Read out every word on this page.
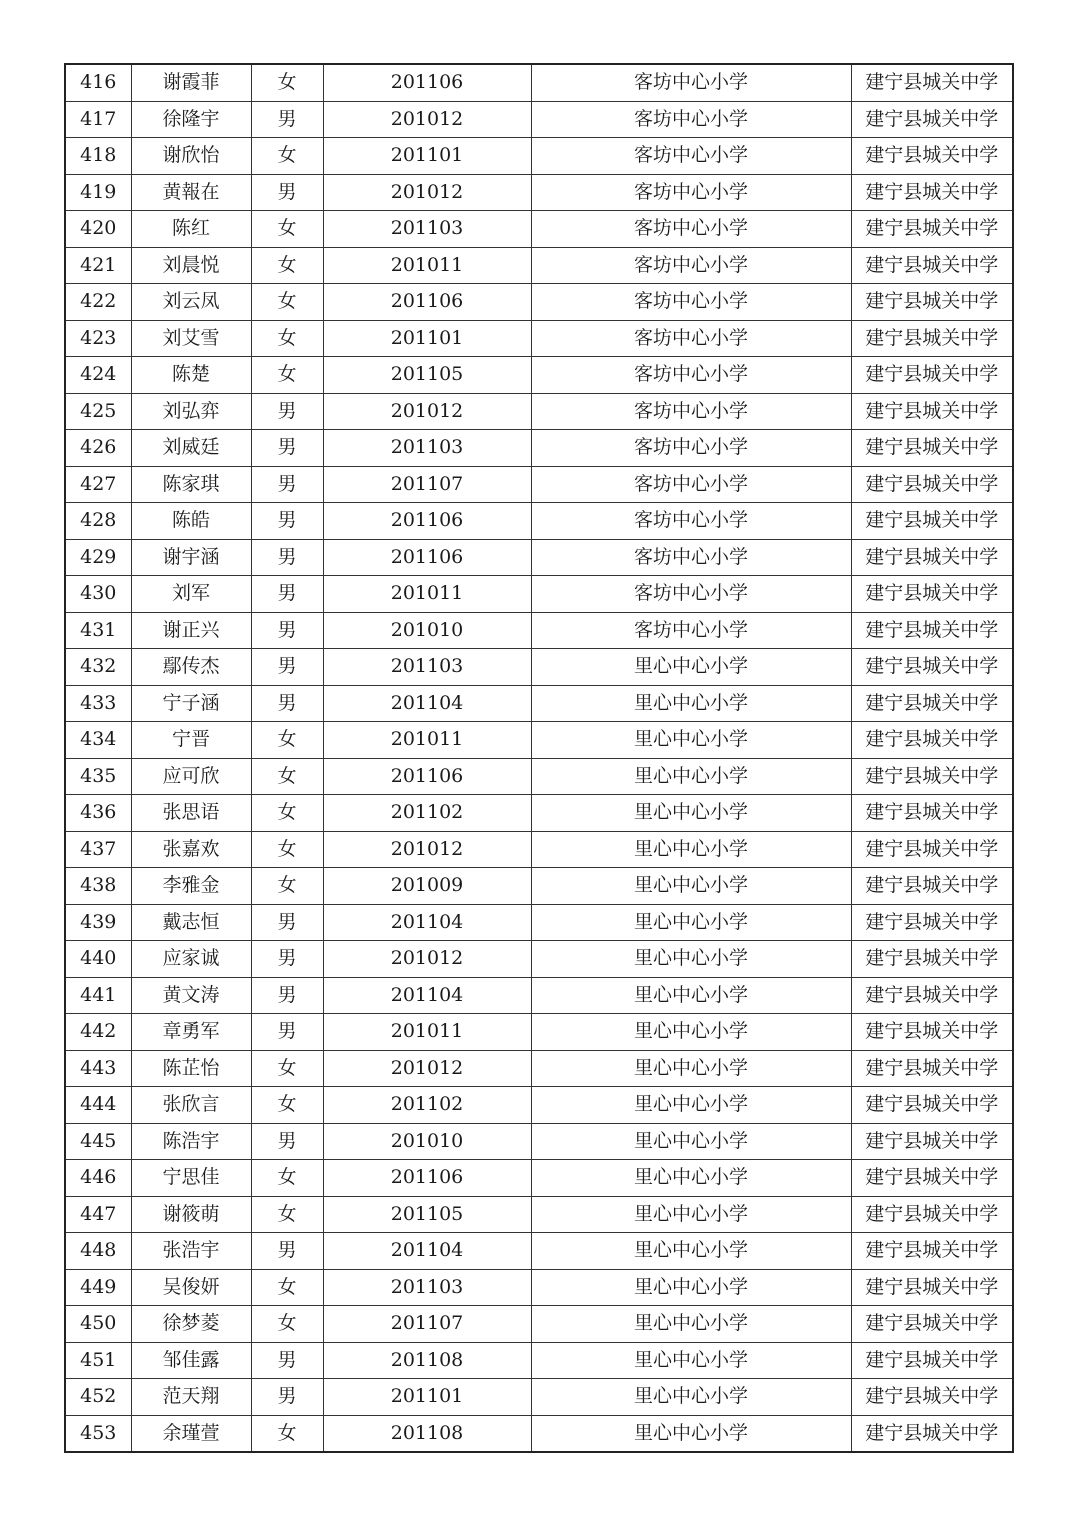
416	谢霞菲	女	201106	客坊中心小学	建宁县城关中学
417	徐隆宇	男	201012	客坊中心小学	建宁县城关中学
418	谢欣怡	女	201101	客坊中心小学	建宁县城关中学
419	黄報在	男	201012	客坊中心小学	建宁县城关中学
420	陈红	女	201103	客坊中心小学	建宁县城关中学
421	刘晨悦	女	201011	客坊中心小学	建宁县城关中学
422	刘云凤	女	201106	客坊中心小学	建宁县城关中学
423	刘艾雪	女	201101	客坊中心小学	建宁县城关中学
424	陈楚	女	201105	客坊中心小学	建宁县城关中学
425	刘弘弈	男	201012	客坊中心小学	建宁县城关中学
426	刘威廷	男	201103	客坊中心小学	建宁县城关中学
427	陈家琪	男	201107	客坊中心小学	建宁县城关中学
428	陈皓	男	201106	客坊中心小学	建宁县城关中学
429	谢宇涵	男	201106	客坊中心小学	建宁县城关中学
430	刘军	男	201011	客坊中心小学	建宁县城关中学
431	谢正兴	男	201010	客坊中心小学	建宁县城关中学
432	鄢传杰	男	201103	里心中心小学	建宁县城关中学
433	宁子涵	男	201104	里心中心小学	建宁县城关中学
434	宁晋	女	201011	里心中心小学	建宁县城关中学
435	应可欣	女	201106	里心中心小学	建宁县城关中学
436	张思语	女	201102	里心中心小学	建宁县城关中学
437	张嘉欢	女	201012	里心中心小学	建宁县城关中学
438	李雅金	女	201009	里心中心小学	建宁县城关中学
439	戴志恒	男	201104	里心中心小学	建宁县城关中学
440	应家诚	男	201012	里心中心小学	建宁县城关中学
441	黄文涛	男	201104	里心中心小学	建宁县城关中学
442	章勇军	男	201011	里心中心小学	建宁县城关中学
443	陈芷怡	女	201012	里心中心小学	建宁县城关中学
444	张欣言	女	201102	里心中心小学	建宁县城关中学
445	陈浩宇	男	201010	里心中心小学	建宁县城关中学
446	宁思佳	女	201106	里心中心小学	建宁县城关中学
447	谢筱萌	女	201105	里心中心小学	建宁县城关中学
448	张浩宇	男	201104	里心中心小学	建宁县城关中学
449	吴俊妍	女	201103	里心中心小学	建宁县城关中学
450	徐梦菱	女	201107	里心中心小学	建宁县城关中学
451	邹佳露	男	201108	里心中心小学	建宁县城关中学
452	范天翔	男	201101	里心中心小学	建宁县城关中学
453	余瑾萱	女	201108	里心中心小学	建宁县城关中学
